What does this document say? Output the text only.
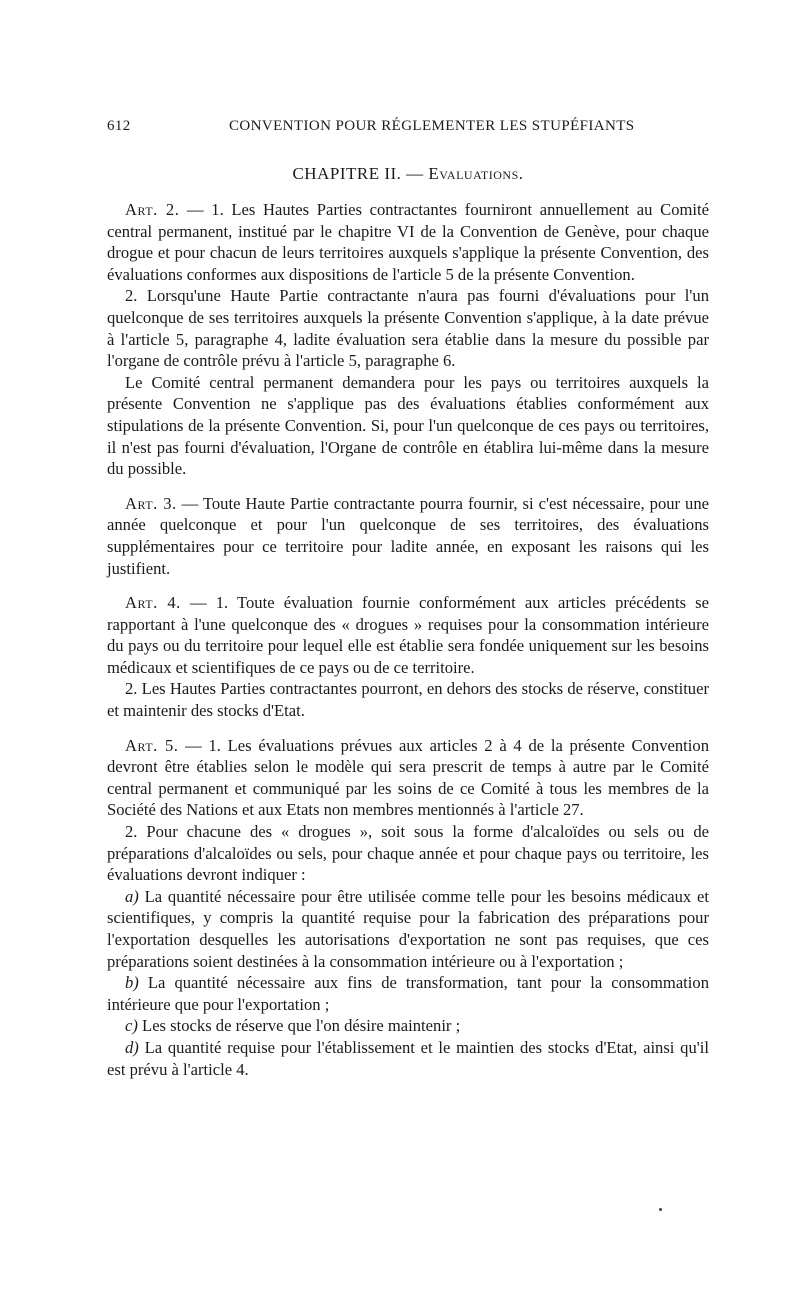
612	CONVENTION POUR RÉGLEMENTER LES STUPÉFIANTS
CHAPITRE II. — Evaluations.

Art. 2. — 1. Les Hautes Parties contractantes fourniront annuellement au Comité central permanent, institué par le chapitre VI de la Convention de Genève, pour chaque drogue et pour chacun de leurs territoires auxquels s'applique la présente Convention, des évaluations conformes aux dispositions de l'article 5 de la présente Convention.

2. Lorsqu'une Haute Partie contractante n'aura pas fourni d'évaluations pour l'un quelconque de ses territoires auxquels la présente Convention s'applique, à la date prévue à l'article 5, paragraphe 4, ladite évaluation sera établie dans la mesure du possible par l'organe de contrôle prévu à l'article 5, paragraphe 6.

Le Comité central permanent demandera pour les pays ou territoires auxquels la présente Convention ne s'applique pas des évaluations établies conformément aux stipulations de la présente Convention. Si, pour l'un quelconque de ces pays ou territoires, il n'est pas fourni d'évaluation, l'Organe de contrôle en établira lui-même dans la mesure du possible.

Art. 3. — Toute Haute Partie contractante pourra fournir, si c'est nécessaire, pour une année quelconque et pour l'un quelconque de ses territoires, des évaluations supplémentaires pour ce territoire pour ladite année, en exposant les raisons qui les justifient.

Art. 4. — 1. Toute évaluation fournie conformément aux articles précédents se rapportant à l'une quelconque des « drogues » requises pour la consommation intérieure du pays ou du territoire pour lequel elle est établie sera fondée uniquement sur les besoins médicaux et scientifiques de ce pays ou de ce territoire.

2. Les Hautes Parties contractantes pourront, en dehors des stocks de réserve, constituer et maintenir des stocks d'Etat.

Art. 5. — 1. Les évaluations prévues aux articles 2 à 4 de la présente Convention devront être établies selon le modèle qui sera prescrit de temps à autre par le Comité central permanent et communiqué par les soins de ce Comité à tous les membres de la Société des Nations et aux Etats non membres mentionnés à l'article 27.

2. Pour chacune des « drogues », soit sous la forme d'alcaloïdes ou sels ou de préparations d'alcaloïdes ou sels, pour chaque année et pour chaque pays ou territoire, les évaluations devront indiquer :

a) La quantité nécessaire pour être utilisée comme telle pour les besoins médicaux et scientifiques, y compris la quantité requise pour la fabrication des préparations pour l'exportation desquelles les autorisations d'exportation ne sont pas requises, que ces préparations soient destinées à la consommation intérieure ou à l'exportation ;

b) La quantité nécessaire aux fins de transformation, tant pour la consommation intérieure que pour l'exportation ;

c) Les stocks de réserve que l'on désire maintenir ;

d) La quantité requise pour l'établissement et le maintien des stocks d'Etat, ainsi qu'il est prévu à l'article 4.
